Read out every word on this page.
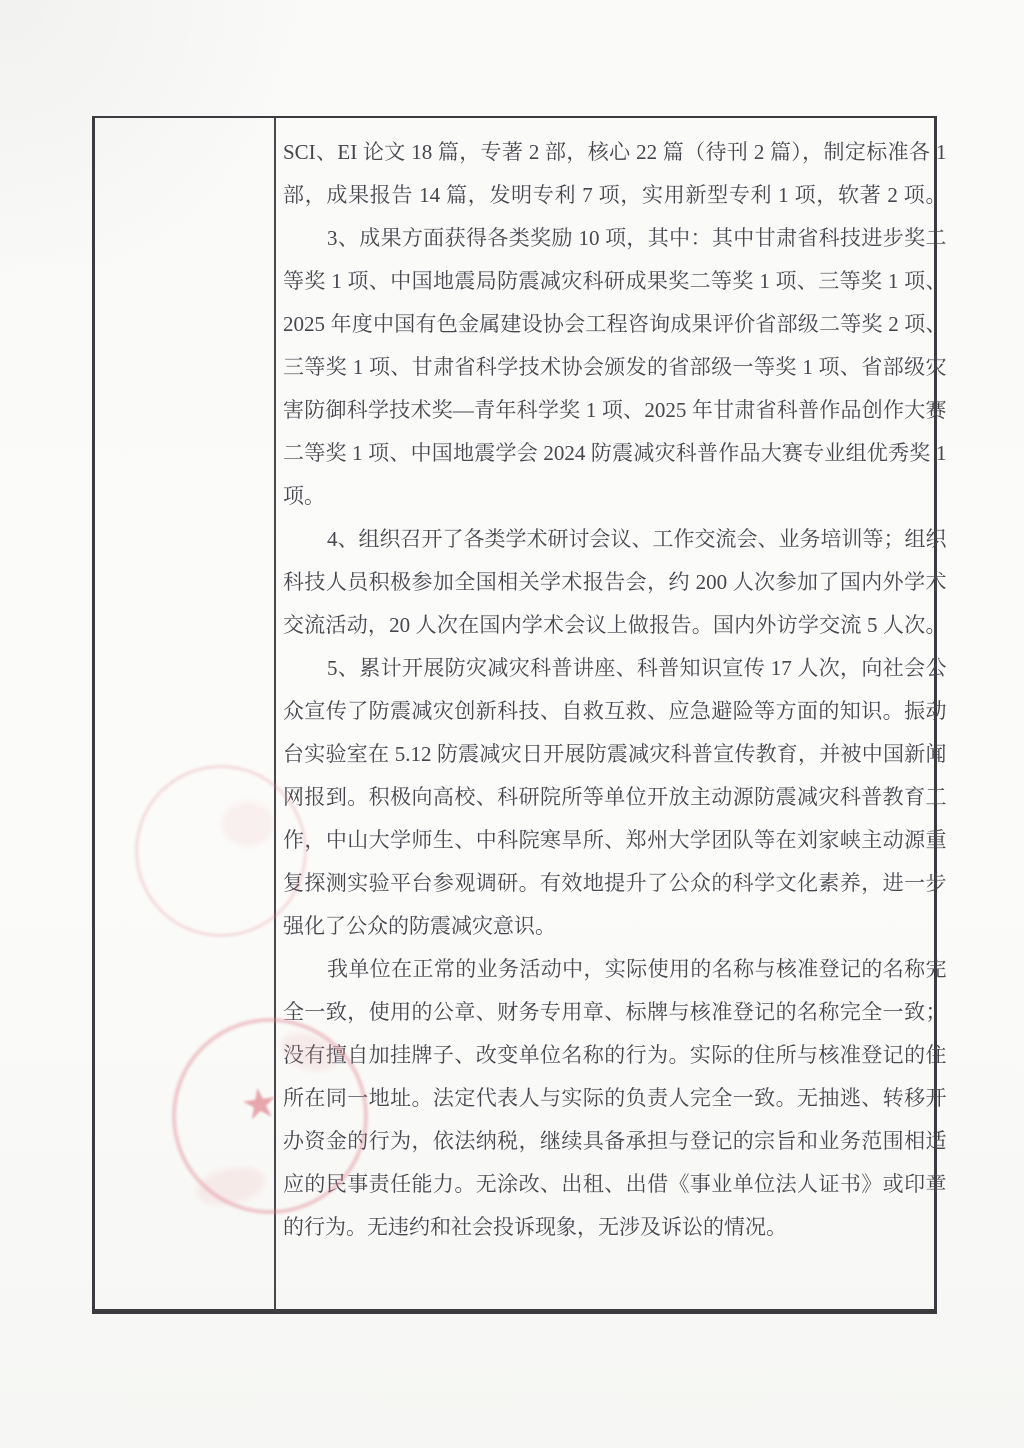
SCI、EI 论文 18 篇，专著 2 部，核心 22 篇（待刊 2 篇），制定标准各 1
部，成果报告 14 篇，发明专利 7 项，实用新型专利 1 项，软著 2 项。
3、成果方面获得各类奖励 10 项，其中：其中甘肃省科技进步奖二
等奖 1 项、中国地震局防震减灾科研成果奖二等奖 1 项、三等奖 1 项、
2025 年度中国有色金属建设协会工程咨询成果评价省部级二等奖 2 项、
三等奖 1 项、甘肃省科学技术协会颁发的省部级一等奖 1 项、省部级灾
害防御科学技术奖—青年科学奖 1 项、2025 年甘肃省科普作品创作大赛
二等奖 1 项、中国地震学会 2024 防震减灾科普作品大赛专业组优秀奖 1
项。
4、组织召开了各类学术研讨会议、工作交流会、业务培训等；组织
科技人员积极参加全国相关学术报告会，约 200 人次参加了国内外学术
交流活动，20 人次在国内学术会议上做报告。国内外访学交流 5 人次。
5、累计开展防灾减灾科普讲座、科普知识宣传 17 人次，向社会公
众宣传了防震减灾创新科技、自救互救、应急避险等方面的知识。振动
台实验室在 5.12 防震减灾日开展防震减灾科普宣传教育，并被中国新闻
网报到。积极向高校、科研院所等单位开放主动源防震减灾科普教育工
作，中山大学师生、中科院寒旱所、郑州大学团队等在刘家峡主动源重
复探测实验平台参观调研。有效地提升了公众的科学文化素养，进一步
强化了公众的防震减灾意识。
我单位在正常的业务活动中，实际使用的名称与核准登记的名称完
全一致，使用的公章、财务专用章、标牌与核准登记的名称完全一致；
没有擅自加挂牌子、改变单位名称的行为。实际的住所与核准登记的住
所在同一地址。法定代表人与实际的负责人完全一致。无抽逃、转移开
办资金的行为，依法纳税，继续具备承担与登记的宗旨和业务范围相适
应的民事责任能力。无涂改、出租、出借《事业单位法人证书》或印章
的行为。无违约和社会投诉现象，无涉及诉讼的情况。
★
